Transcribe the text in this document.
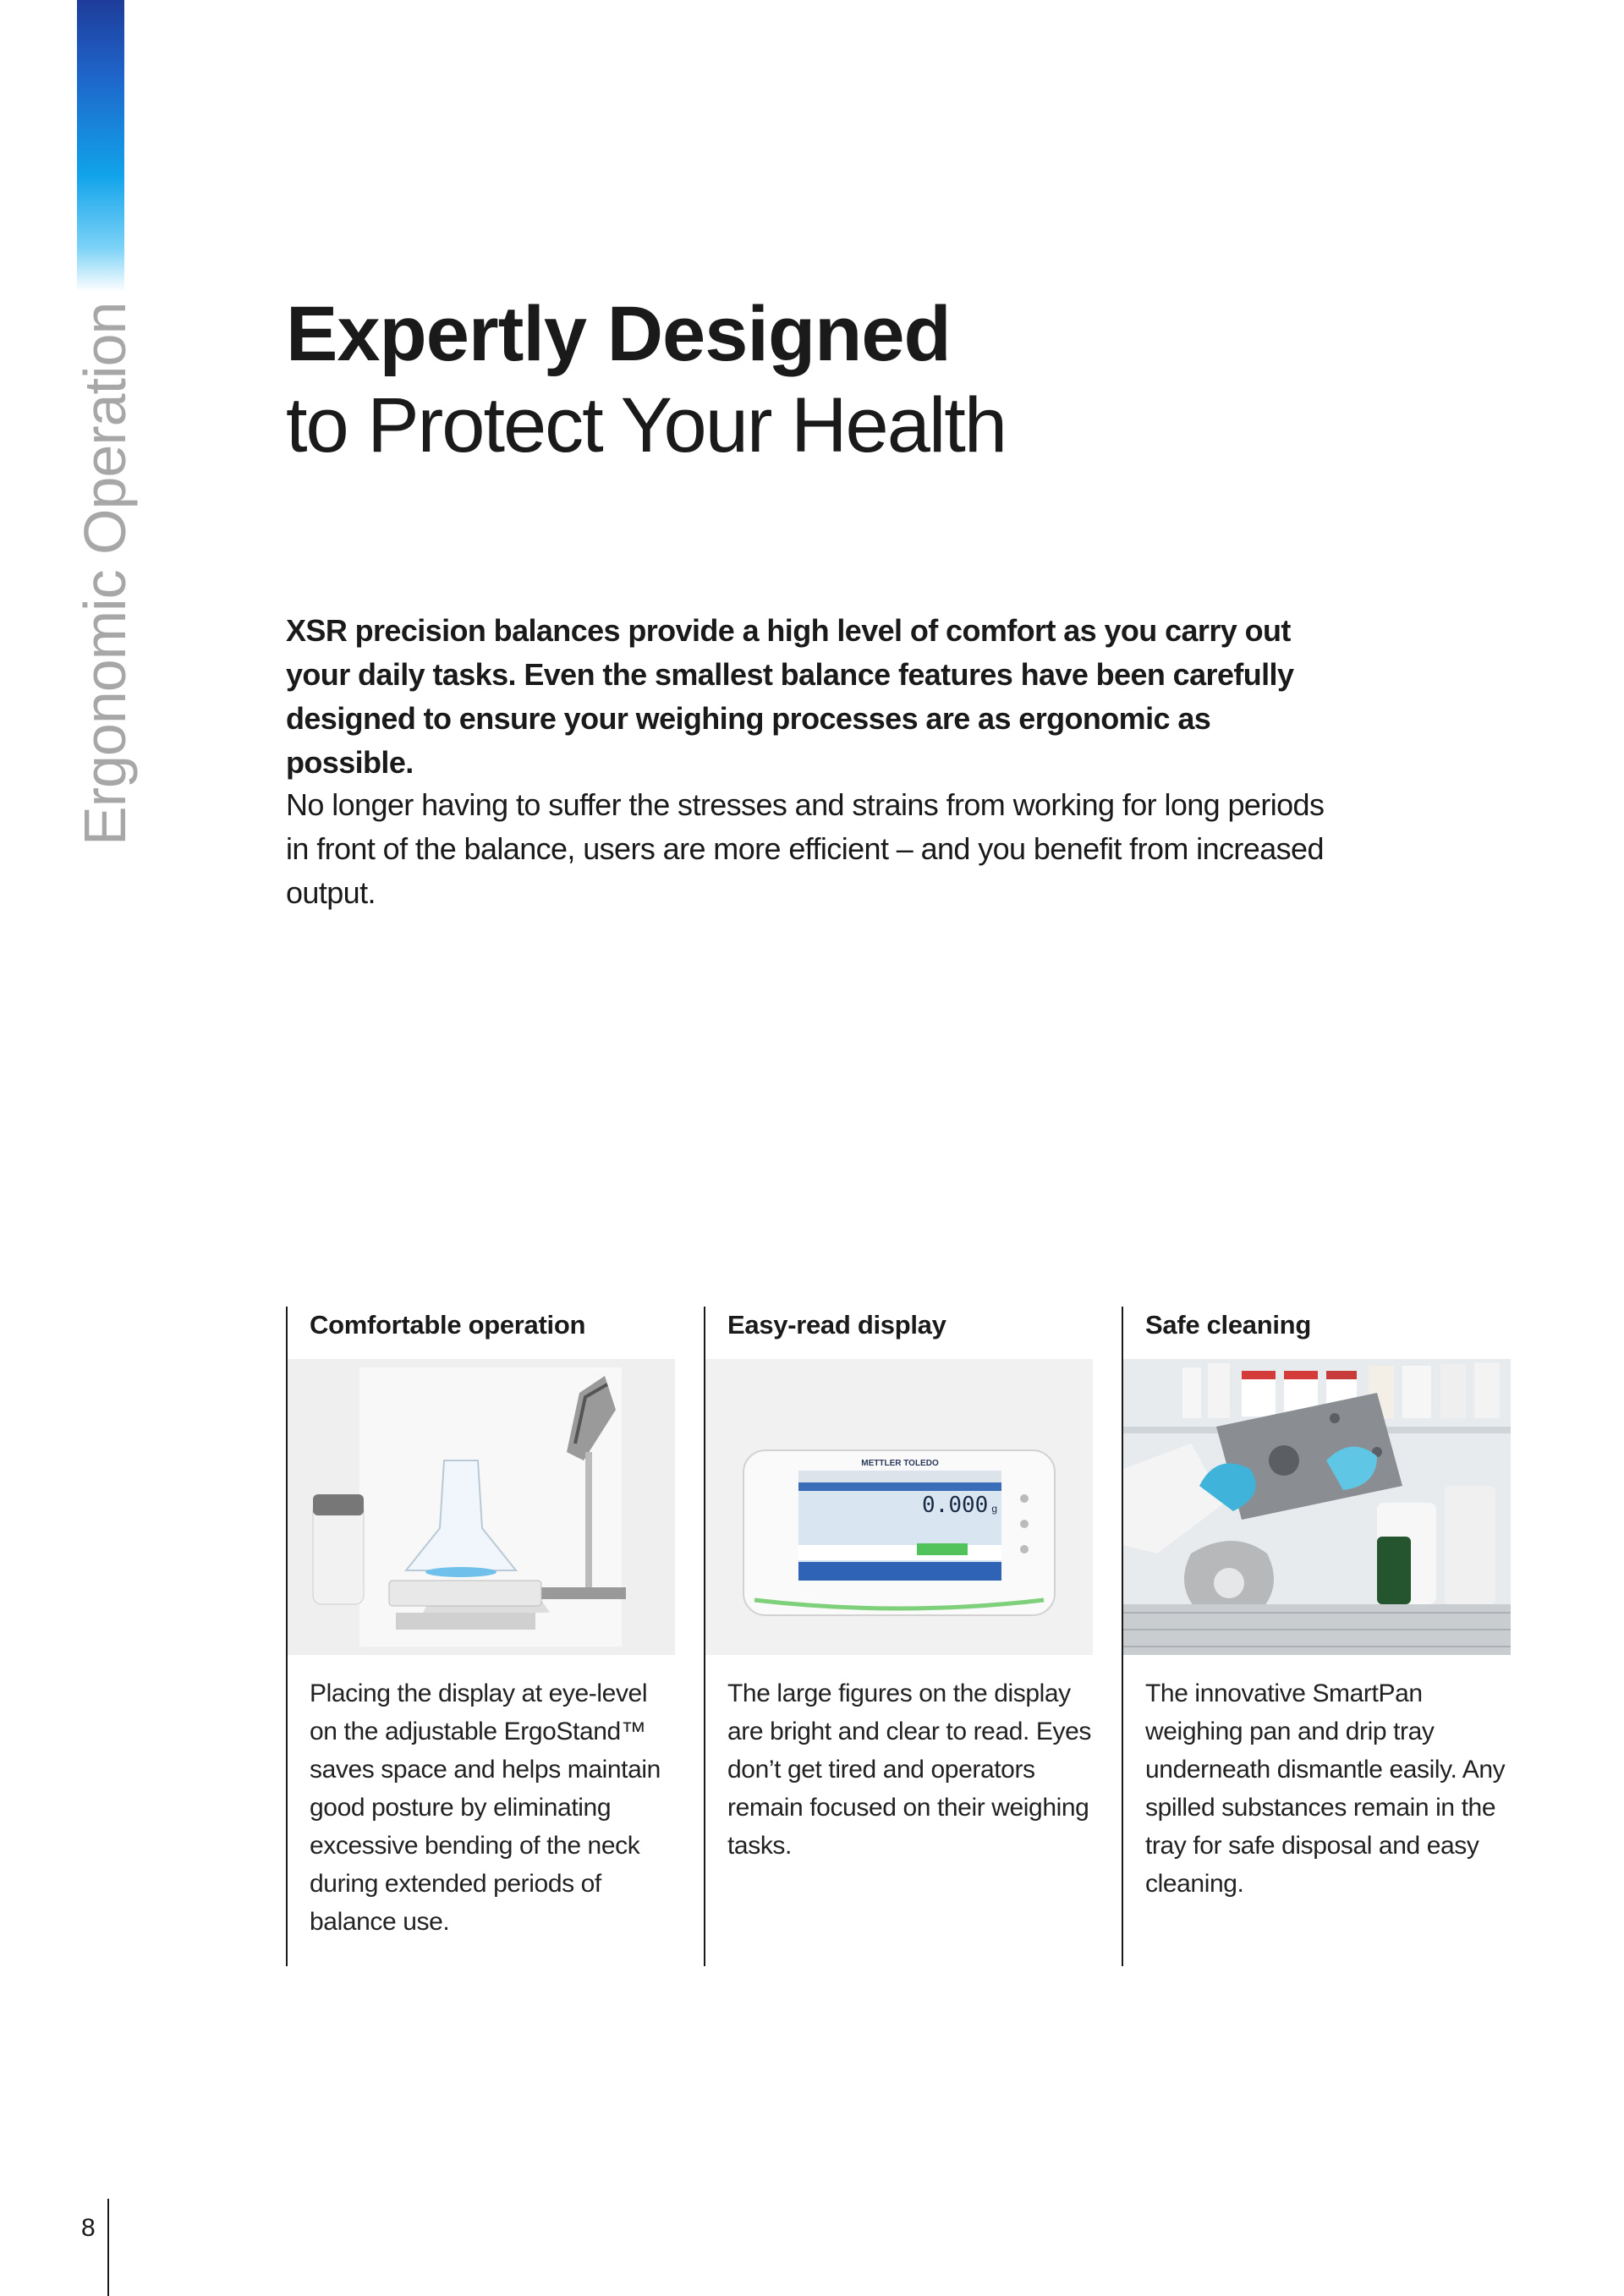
Ergonomic Operation Expertly Designed
to Protect Your Health
XSR precision balances provide a high level of comfort as you carry out your daily tasks. Even the smallest balance features have been carefully designed to ensure your weighing processes are as ergonomic as possible.
No longer having to suffer the stresses and strains from working for long periods in front of the balance, users are more efficient – and you benefit from increased output.
Comfortable operation
Placing the display at eye-level on the adjustable ErgoStand™ saves space and helps maintain good posture by eliminating excessive bending of the neck during extended periods of balance use.
Easy-read display
METTLER TOLEDO
0.000 g
The large figures on the display are bright and clear to read. Eyes don’t get tired and operators remain focused on their weighing tasks.
Safe cleaning
The innovative SmartPan weighing pan and drip tray underneath dismantle easily. Any spilled substances remain in the tray for safe disposal and easy cleaning.
8
